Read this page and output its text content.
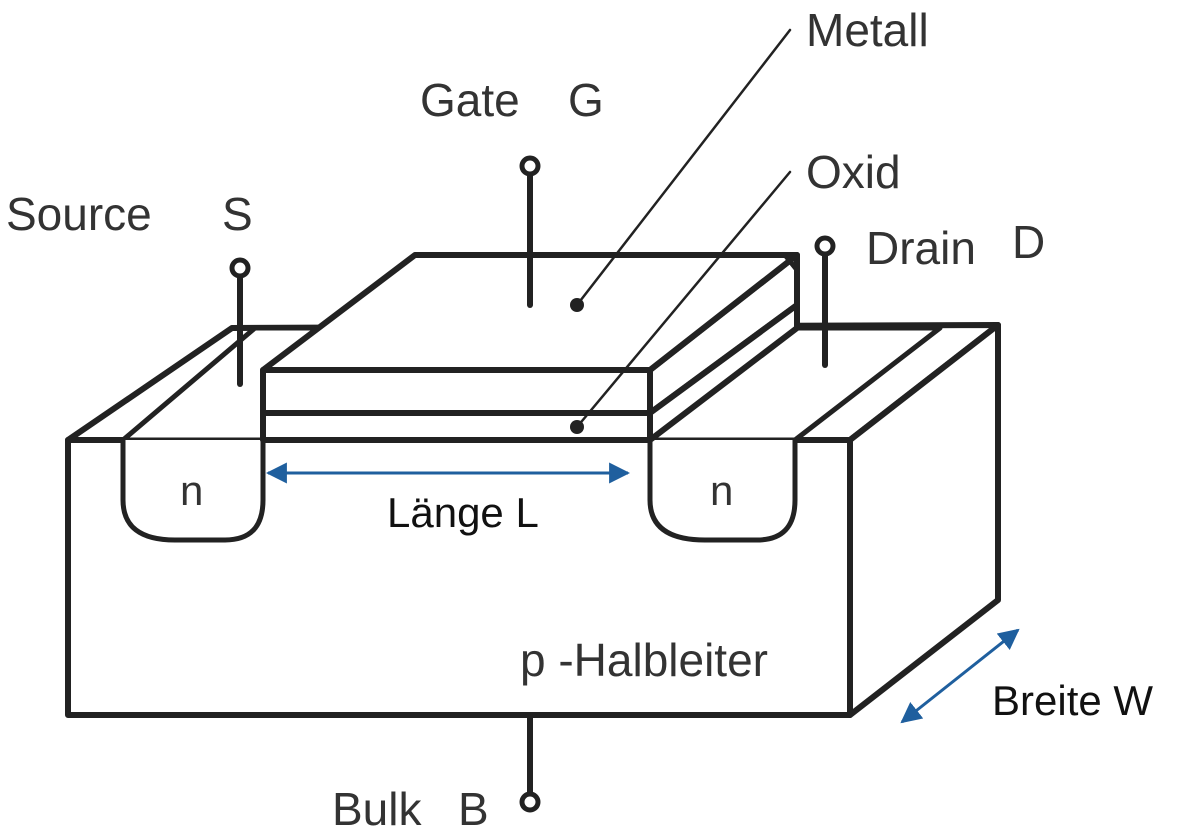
Metall
Gate G
Oxid
Source S
Drain D
n	n
Länge L
p -Halbleiter
Breite W
Bulk B
